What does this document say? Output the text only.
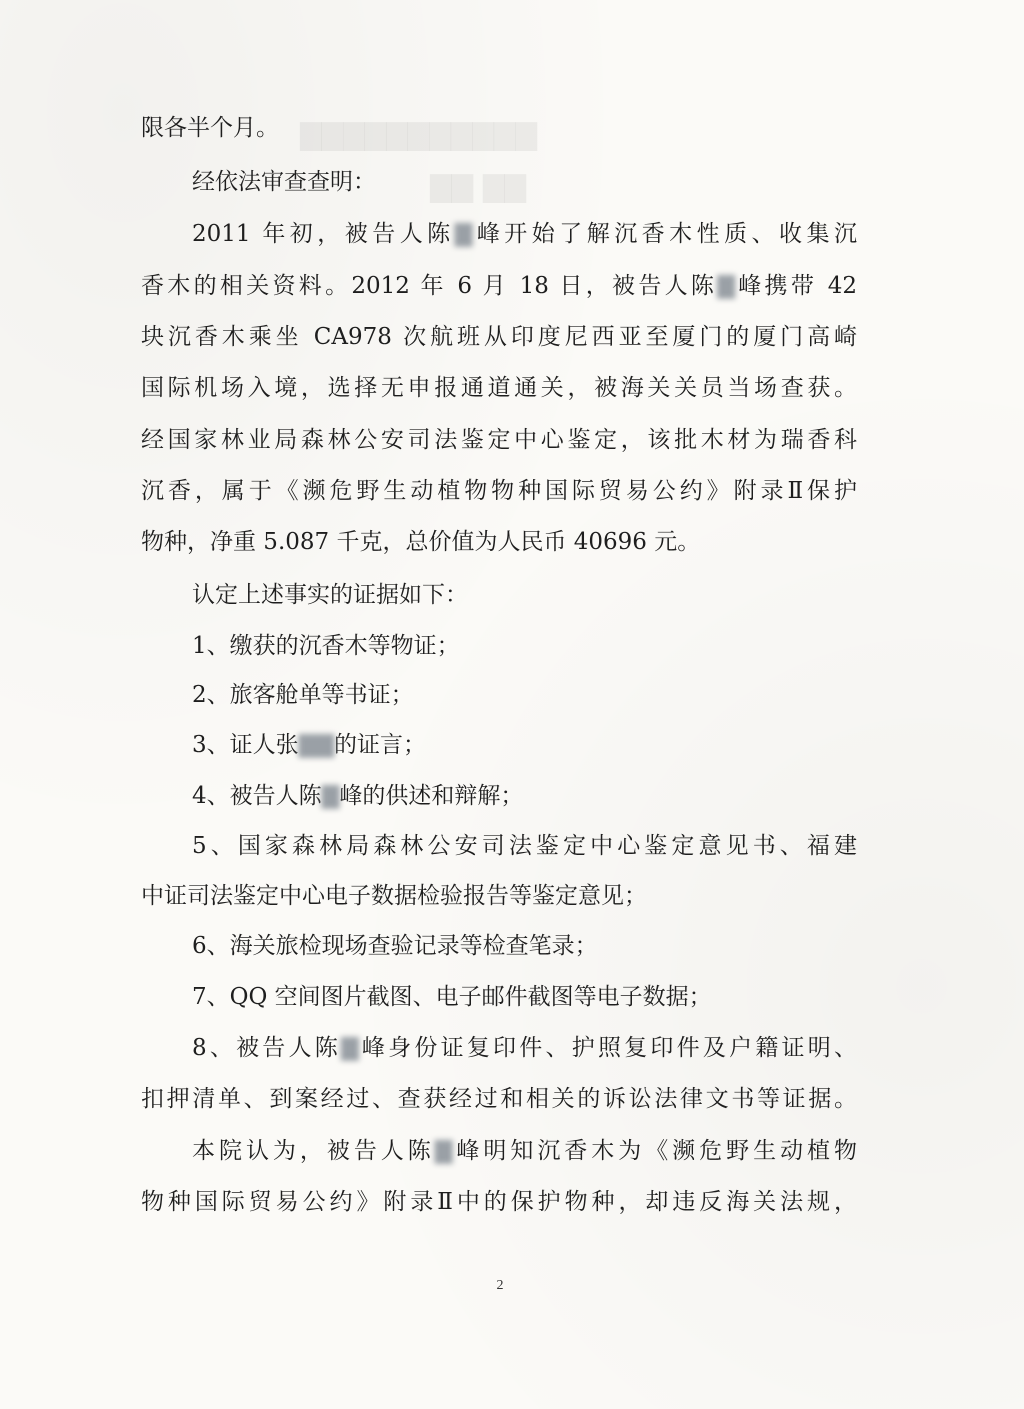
▇▇▇▇▇▇▇▇▇▇▇
▇▇ ▇▇
限各半个月。
经依法审查查明：
2011 年初，被告人陈▇峰开始了解沉香木性质、收集沉
香木的相关资料。2012 年 6 月 18 日，被告人陈▇峰携带 42
块沉香木乘坐 CA978 次航班从印度尼西亚至厦门的厦门高崎
国际机场入境，选择无申报通道通关，被海关关员当场查获。
经国家林业局森林公安司法鉴定中心鉴定，该批木材为瑞香科
沉香，属于《濒危野生动植物物种国际贸易公约》附录Ⅱ保护
物种，净重 5.087 千克，总价值为人民币 40696 元。
认定上述事实的证据如下：
1、缴获的沉香木等物证；
2、旅客舱单等书证；
3、证人张▇▇的证言；
4、被告人陈▇峰的供述和辩解；
5、国家森林局森林公安司法鉴定中心鉴定意见书、福建
中证司法鉴定中心电子数据检验报告等鉴定意见；
6、海关旅检现场查验记录等检查笔录；
7、QQ 空间图片截图、电子邮件截图等电子数据；
8、被告人陈▇峰身份证复印件、护照复印件及户籍证明、
扣押清单、到案经过、查获经过和相关的诉讼法律文书等证据。
本院认为，被告人陈▇峰明知沉香木为《濒危野生动植物
物种国际贸易公约》附录Ⅱ中的保护物种，却违反海关法规，
2
